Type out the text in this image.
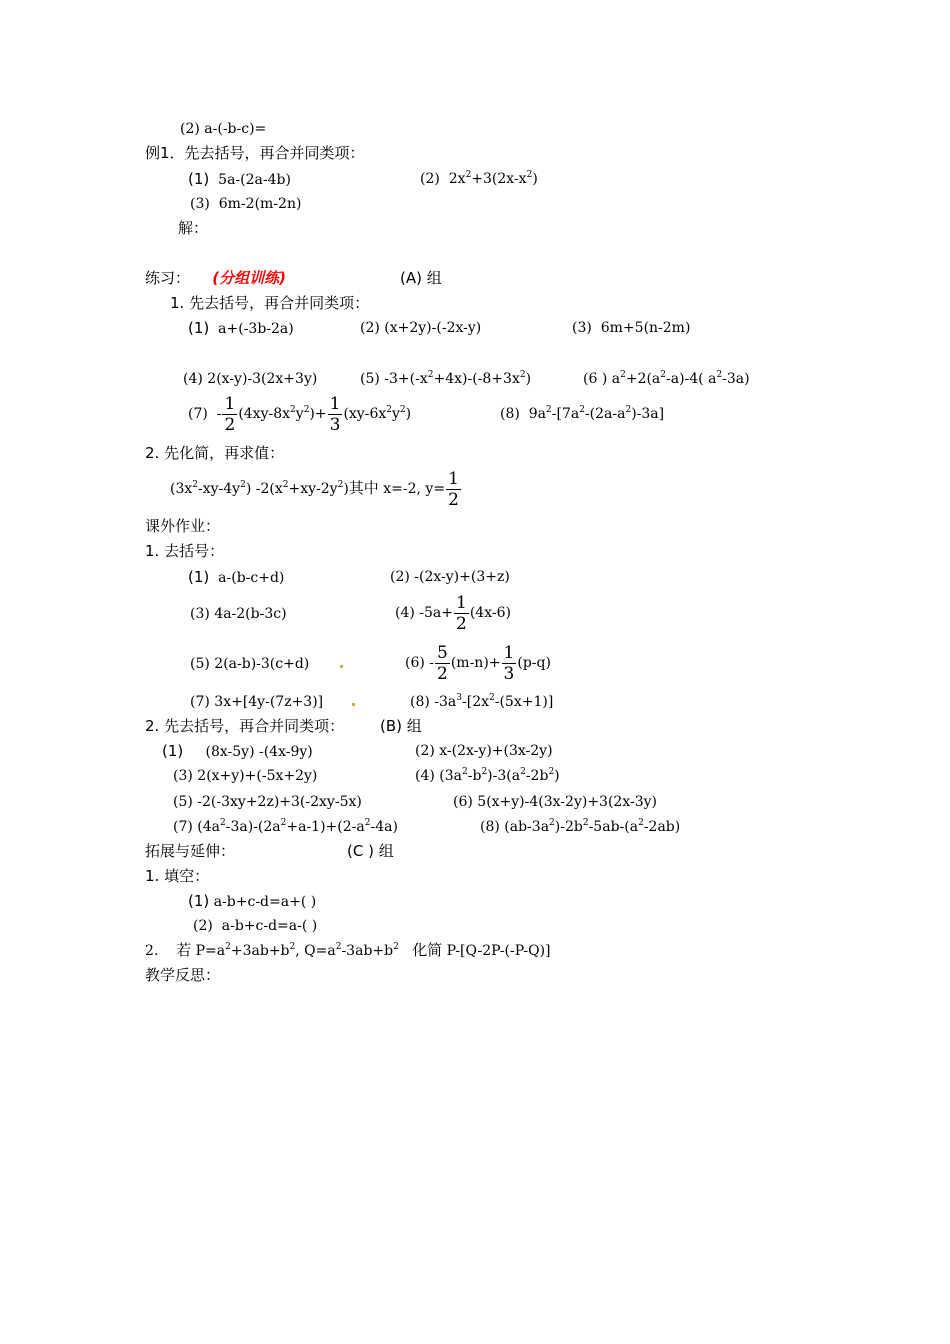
(2) a-(-b-c)=
例1．先去括号，再合并同类项：
(1) 5a-(2a-4b)	(2) $2x^2+3(2x-x^2)$
(3) 6m-2(m-2n)
解：
练习： (分组训练)	(A) 组
1. 先去括号，再合并同类项：
(1) a+(-3b-2a)	(2) (x+2y)-(-2x-y)	(3) 6m+5(n-2m)
(4) 2(x-y)-3(2x+3y)	(5) $-3+(-x^2+4x)-(-8+3x^2)$	(6 ) $a^2+2(a^2-a)-4$( $a^2-3a$)
$(7) - \frac{1}{2} (4xy-8x^2y^2)+ \frac{1}{3} (xy-6x^2y^2)$	(8) $9a^2-[7a^2-(2a-a^2)-3a]$
2. 先化简，再求值：
$(3x^2-xy-4y^2)$ $-2(x^2+xy-2y^2)$其中 x=-2, $y= \frac{1}{2}$
课外作业：
1. 去括号：
(1) a-(b-c+d)	(2) -(2x-y)+(3+z)
(3) 4a-2(b-3c)	(4) $-5a+ \frac{1}{2} (4x-6)$
(5) 2(a-b)-3(c+d)	$(6) - \frac{5}{2} (m-n)+ \frac{1}{3} (p-q)$
(7) 3x+[4y-(7z+3)]	(8) $-3a^3-[2x^2-(5x+1)]$
2. 先去括号，再合并同类项： (B) 组
(1) (8x-5y) -(4x-9y)	(2) x-(2x-y)+(3x-2y)
(3) 2(x+y)+(-5x+2y)	(4) $(3a^2-b^2)-3(a^2-2b^2)$
(5) -2(-3xy+2z)+3(-2xy-5x)	(6) 5(x+y)-4(3x-2y)+3(2x-3y)
(7) $(4a^2-3a)-(2a^2+a-1)+(2-a^2-4a)$	(8) $(ab-3a^2)-2b^2-5ab-(a^2-2ab)$
拓展与延伸：	(C ) 组
1. 填空：
(1) a-b+c-d=a+( )
(2) a-b+c-d=a-( )
2. 若 $P=a^2+3ab+b^2$, $Q=a^2-3ab+b^2$ 化简 P-[Q-2P-(-P-Q)]
教学反思：
